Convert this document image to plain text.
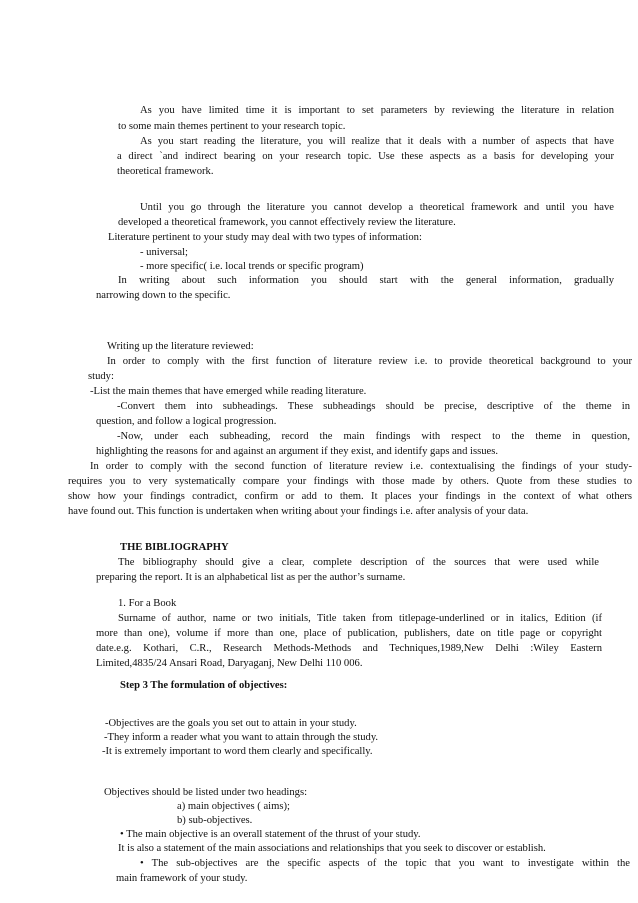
As you have limited time it is important to set parameters by reviewing the literature in relation

to some main themes pertinent to your research topic.

As you start reading the literature, you will realize that it deals with a number of aspects that have

a direct `and indirect bearing on your research topic. Use these aspects as a basis for developing your

theoretical framework.

Until you go through the literature you cannot develop a theoretical framework and until you have

developed a theoretical framework, you cannot effectively review the literature.

Literature pertinent to your study may deal with two types of information:

- universal;

- more specific( i.e. local trends or specific program)

In writing about such information you should start with the general information, gradually

narrowing down to the specific.

Writing up the literature reviewed:

In order to comply with the first function of literature review i.e. to provide theoretical background to your

study:

-List the main themes that have emerged while reading literature.

-Convert them into subheadings. These subheadings should be precise, descriptive of the theme in

question, and follow a logical progression.

-Now, under each subheading, record the main findings with respect to the theme in question,

highlighting the reasons for and against an argument if they exist, and identify gaps and issues.

In order to comply with the second function of literature review i.e. contextualising the findings of your study-

requires you to very systematically compare your findings with those made by others. Quote from these studies to

show how your findings contradict, confirm or add to them. It places your findings in the context of what others

have found out. This function is undertaken when writing about your findings i.e. after analysis of your data.

THE BIBLIOGRAPHY

The bibliography should give a clear, complete description of the sources that were used while

preparing the report. It is an alphabetical list as per the author’s surname.

1. For a Book

Surname of author, name or two initials, Title taken from titlepage-underlined or in italics, Edition (if

more than one), volume if more than one, place of publication, publishers, date on title page or copyright

date.e.g. Kothari, C.R., Research Methods-Methods and Techniques,1989,New Delhi :Wiley Eastern

Limited,4835/24 Ansari Road, Daryaganj, New Delhi 110 006.

Step 3 The formulation of objectives:

-Objectives are the goals you set out to attain in your study.

-They inform a reader what you want to attain through the study.

-It is extremely important to word them clearly and specifically.

Objectives should be listed under two headings:

a) main objectives ( aims);

b) sub-objectives.

• The main objective is an overall statement of the thrust of your study.

It is also a statement of the main associations and relationships that you seek to discover or establish.

• The sub-objectives are the specific aspects of the topic that you want to investigate within the

main framework of your study.
